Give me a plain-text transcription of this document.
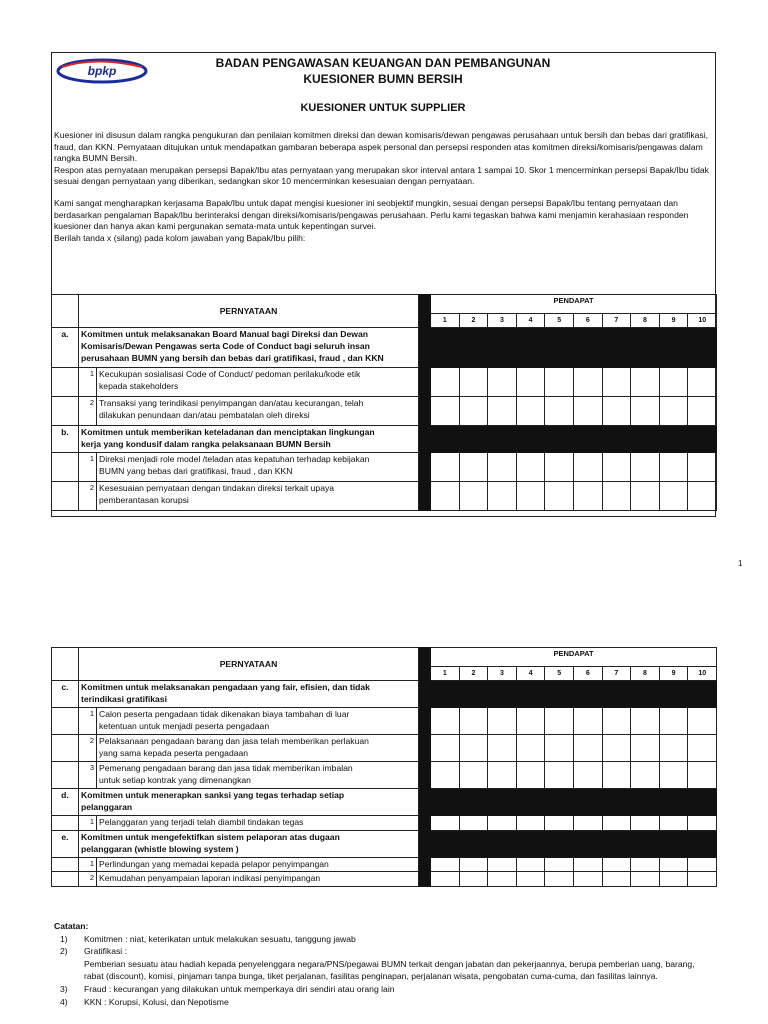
bpkp
BADAN PENGAWASAN KEUANGAN DAN PEMBANGUNAN
KUESIONER BUMN BERSIH
KUESIONER UNTUK SUPPLIER

Kuesioner ini disusun dalam rangka pengukuran dan penilaian komitmen direksi dan dewan komisaris/dewan pengawas perusahaan untuk bersih dan bebas dari gratifikasi, fraud, dan KKN. Pernyataan ditujukan untuk mendapatkan gambaran beberapa aspek personal dan persepsi responden atas komitmen direksi/komisaris/pengawas dalam rangka BUMN Bersih.

Respon atas pernyataan merupakan persepsi Bapak/Ibu atas pernyataan yang merupakan skor interval antara 1 sampai 10. Skor 1 mencerminkan persepsi Bapak/Ibu tidak sesuai dengan pernyataan yang diberikan, sedangkan skor 10 mencerminkan kesesuaian dengan pernyataan.

Kami sangat mengharapkan kerjasama Bapak/Ibu untuk dapat mengisi kuesioner ini seobjektif mungkin, sesuai dengan persepsi Bapak/Ibu tentang pernyataan dan berdasarkan pengalaman Bapak/Ibu berinteraksi dengan direksi/komisaris/pengawas perusahaan. Perlu kami tegaskan bahwa kami menjamin kerahasiaan responden kuesioner dan hanya akan kami pergunakan semata-mata untuk kepentingan survei.

Berilah tanda x (silang) pada kolom jawaban yang Bapak/Ibu pilih:

	PERNYATAAN			PENDAPAT									
				1	2	3	4	5	6	7	8	9	10
a.	Komitmen untuk melaksanakan Board Manual bagi Direksi dan Dewan
Komisaris/Dewan Pengawas serta Code of Conduct bagi seluruh insan
perusahaan BUMN yang bersih dan bebas dari gratifikasi, fraud , dan KKN												
	1	Kecukupan sosialisasi Code of Conduct/ pedoman perilaku/kode etik
kepada stakeholders											
	2	Transaksi yang terindikasi penyimpangan dan/atau kecurangan, telah
dilakukan penundaan dan/atau pembatalan oleh direksi											
b.	Komitmen untuk memberikan keteladanan dan menciptakan lingkungan
kerja yang kondusif dalam rangka pelaksanaan BUMN Bersih												
	1	Direksi menjadi role model /teladan atas kepatuhan terhadap kebijakan
BUMN yang bebas dari gratifikasi, fraud , dan KKN											
	2	Kesesuaian pernyataan dengan tindakan direksi terkait upaya
pemberantasan korupsi											
1
	PERNYATAAN			PENDAPAT									
				1	2	3	4	5	6	7	8	9	10
c.	Komitmen untuk melaksanakan pengadaan yang fair, efisien, dan tidak
terindikasi gratifikasi												
	1	Calon peserta pengadaan tidak dikenakan biaya tambahan di luar
ketentuan untuk menjadi peserta pengadaan											
	2	Pelaksanaan pengadaan barang dan jasa telah memberikan perlakuan
yang sama kepada peserta pengadaan											
	3	Pemenang pengadaan barang dan jasa tidak memberikan imbalan
untuk setiap kontrak yang dimenangkan											
d.	Komitmen untuk menerapkan sanksi yang tegas terhadap setiap
pelanggaran												
	1	Pelanggaran yang terjadi telah diambil tindakan tegas											
e.	Komitmen untuk mengefektifkan sistem pelaporan atas dugaan
pelanggaran (whistle blowing system )												
	1	Perlindungan yang memadai kepada pelapor penyimpangan											
	2	Kemudahan penyampaian laporan indikasi penyimpangan											
Catatan:
1)	Komitmen : niat, keterikatan untuk melakukan sesuatu, tanggung jawab
2)	Gratifikasi :
Pemberian sesuatu atau hadiah kepada penyelenggara negara/PNS/pegawai BUMN terkait dengan jabatan dan pekerjaannya, berupa pemberian uang, barang, rabat (discount), komisi, pinjaman tanpa bunga, tiket perjalanan, fasilitas penginapan, perjalanan wisata, pengobatan cuma-cuma, dan fasilitas lainnya.
3)	Fraud : kecurangan yang dilakukan untuk memperkaya diri sendiri atau orang lain
4)	KKN : Korupsi, Kolusi, dan Nepotisme
